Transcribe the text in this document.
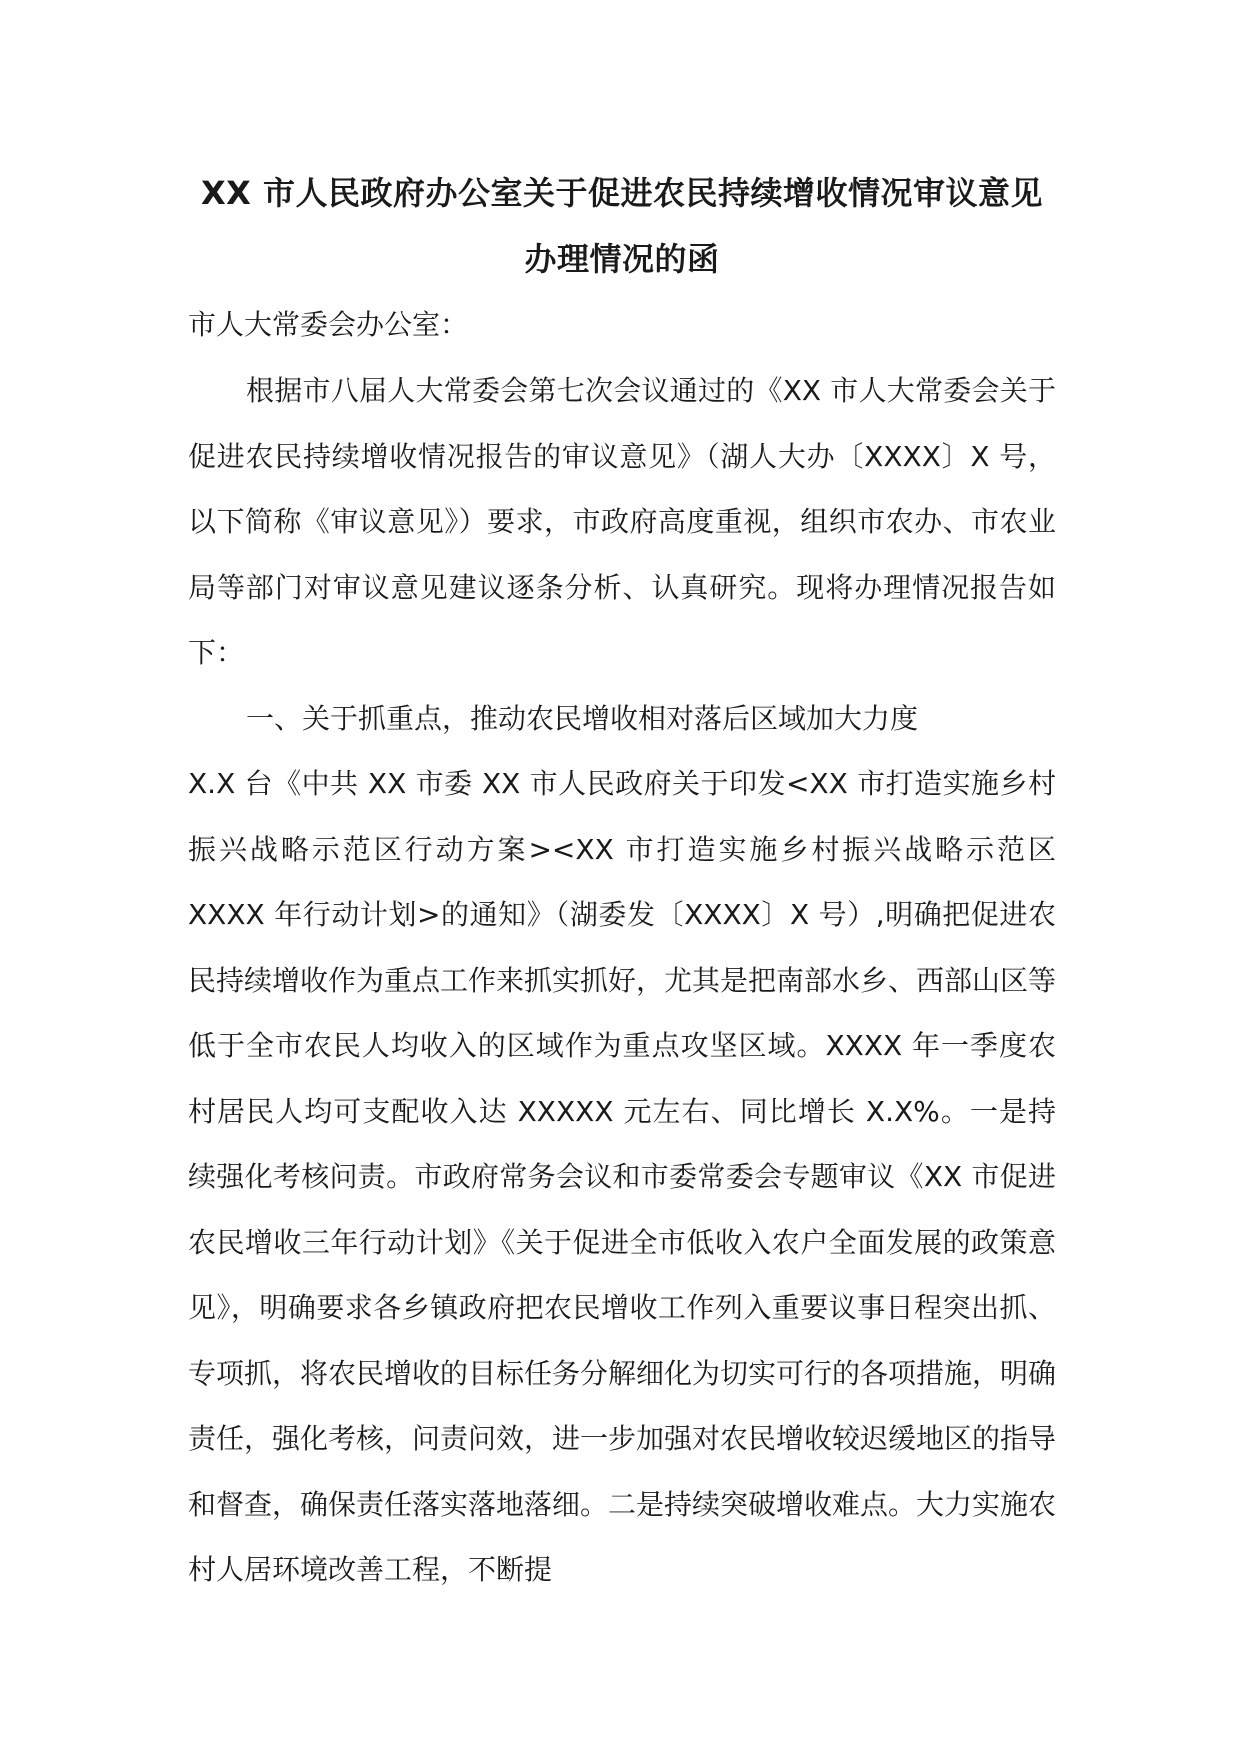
XX 市人民政府办公室关于促进农民持续增收情况审议意见办理情况的函

市人大常委会办公室：

根据市八届人大常委会第七次会议通过的《XX 市人大常委会关于促进农民持续增收情况报告的审议意见》（湖人大办〔XXXX〕X 号，以下简称《审议意见》）要求，市政府高度重视，组织市农办、市农业局等部门对审议意见建议逐条分析、认真研究。现将办理情况报告如下：

一、关于抓重点，推动农民增收相对落后区域加大力度

X.X 台《中共 XX 市委 XX 市人民政府关于印发<XX 市打造实施乡村振兴战略示范区行动方案><XX 市打造实施乡村振兴战略示范区 XXXX 年行动计划>的通知》（湖委发〔XXXX〕X 号）,明确把促进农民持续增收作为重点工作来抓实抓好，尤其是把南部水乡、西部山区等低于全市农民人均收入的区域作为重点攻坚区域。XXXX 年一季度农村居民人均可支配收入达 XXXXX 元左右、同比增长 X.X%。一是持续强化考核问责。市政府常务会议和市委常委会专题审议《XX 市促进农民增收三年行动计划》《关于促进全市低收入农户全面发展的政策意见》，明确要求各乡镇政府把农民增收工作列入重要议事日程突出抓、专项抓，将农民增收的目标任务分解细化为切实可行的各项措施，明确责任，强化考核，问责问效，进一步加强对农民增收较迟缓地区的指导和督查，确保责任落实落地落细。二是持续突破增收难点。大力实施农村人居环境改善工程，不断提
